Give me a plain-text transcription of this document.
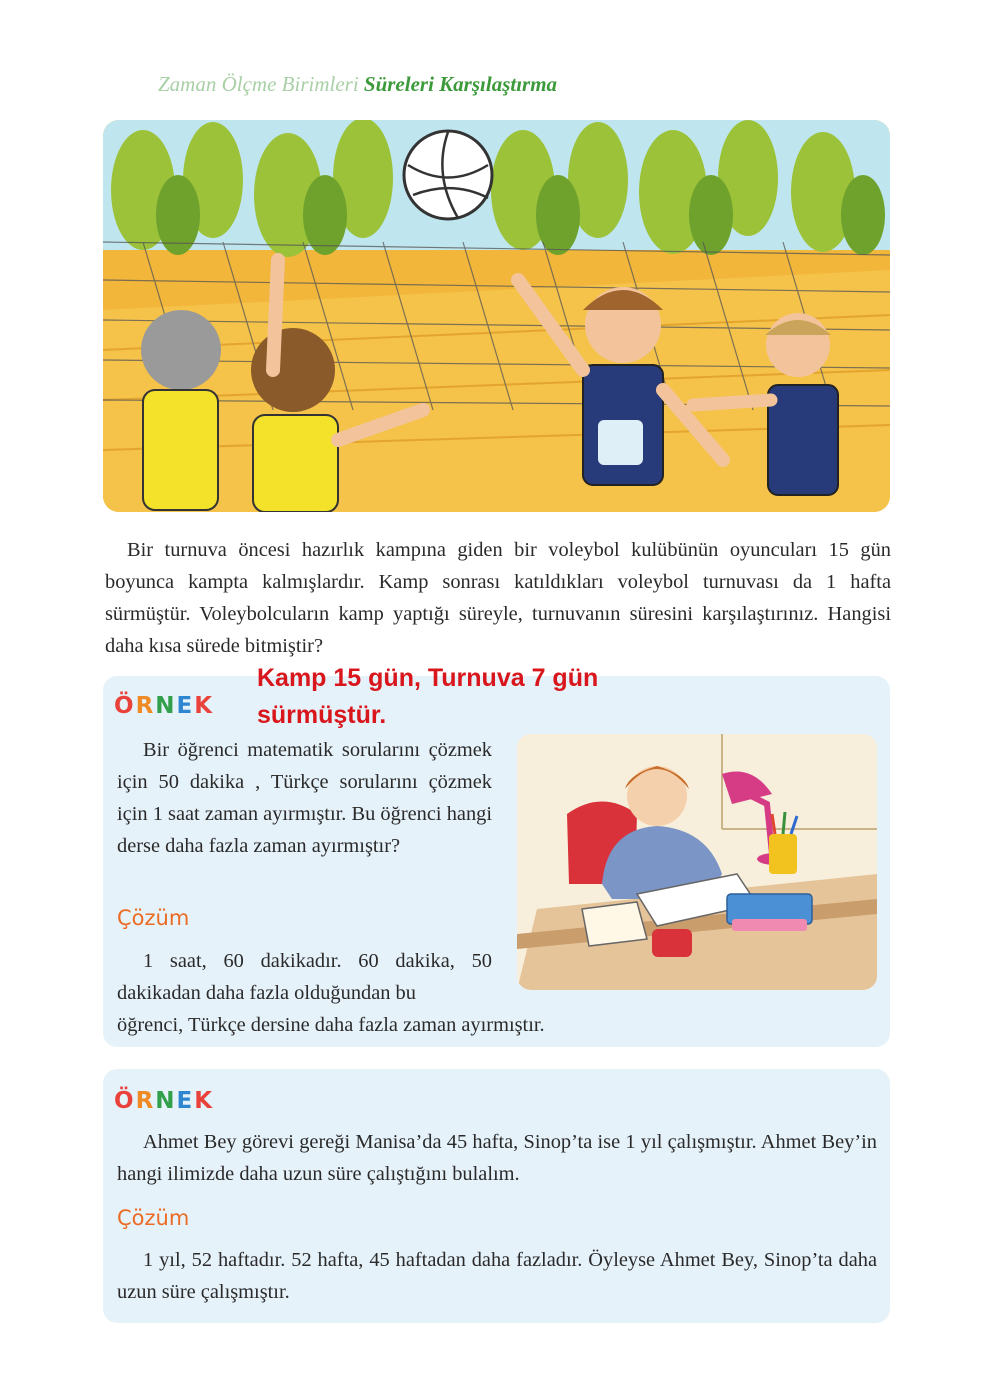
Zaman Ölçme Birimleri Süreleri Karşılaştırma

Bir turnuva öncesi hazırlık kampına giden bir voleybol kulübünün oyuncuları 15 gün boyunca kampta kalmışlardır. Kamp sonrası katıldıkları voleybol turnuvası da 1 hafta sürmüştür. Voleybolcuların kamp yaptığı süreyle, turnuvanın süresini karşılaştırınız. Hangisi daha kısa sürede bitmiştir?

ÖRNEK
Kamp 15 gün, Turnuva 7 gün sürmüştür.

Bir öğrenci matematik sorularını çözmek için 50 dakika , Türkçe sorularını çözmek için 1 saat zaman ayırmıştır. Bu öğrenci hangi derse daha fazla zaman ayırmıştır?

Çözüm

1 saat, 60 dakikadır. 60 dakika, 50 dakikadan daha fazla olduğundan bu

öğrenci, Türkçe dersine daha fazla zaman ayırmıştır.

ÖRNEK

Ahmet Bey görevi gereği Manisa’da 45 hafta, Sinop’ta ise 1 yıl çalışmıştır. Ahmet Bey’in hangi ilimizde daha uzun süre çalıştığını bulalım.

Çözüm

1 yıl, 52 haftadır. 52 hafta, 45 haftadan daha fazladır. Öyleyse Ahmet Bey, Sinop’ta daha uzun süre çalışmıştır.
